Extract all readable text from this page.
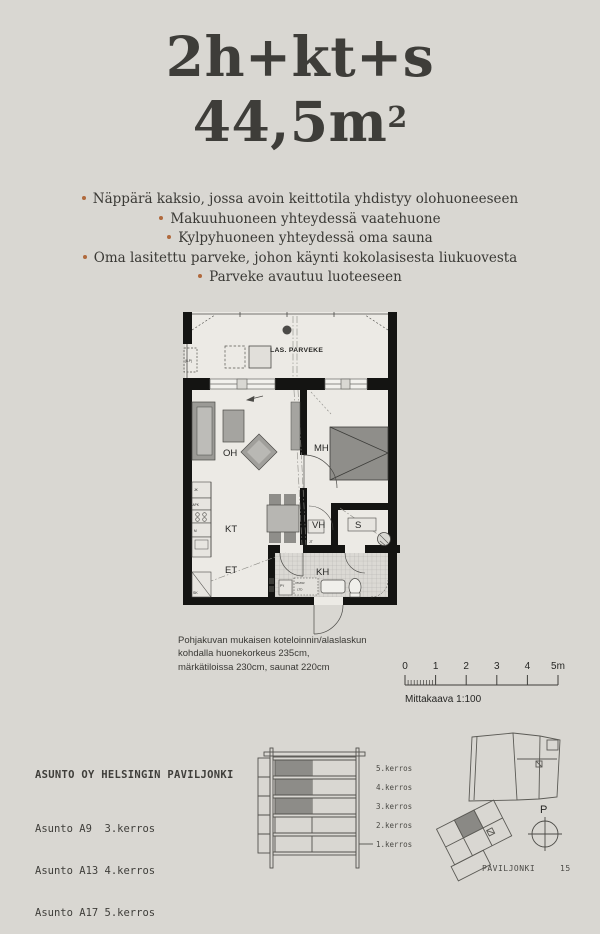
2h+kt+s
$44,5m^2$
Näppärä kaksio, jossa avoin keittotila yhdistyy olohuoneeseen
Makuuhuoneen yhteydessä vaatehuone
Kylpyhuoneen yhteydessä oma sauna
Oma lasitettu parveke, johon käynti kokolasisesta liukuovesta
Parveke avautuu luoteeseen
(ILP)
LAS. PARVEKE
JK
APK
M
SK
PY
PK/KR
LTD
JT
OH	MH
KT
ET
VH	S
KH
Pohjakuvan mukaisen koteloinnin/alaslaskun
kohdalla huonekorkeus 235cm,
märkätiloissa 230cm, saunat 220cm	0	1	2	3	4 5m
Mittakaava 1:100

ASUNTO OY HELSINGIN PAVILJONKI

Asunto A9 3.kerros

Asunto A13 4.kerros

Asunto A17 5.kerros

5.kerros
4.kerros
3.kerros
2.kerros
1.kerros
P
PAVILJONKI	15
